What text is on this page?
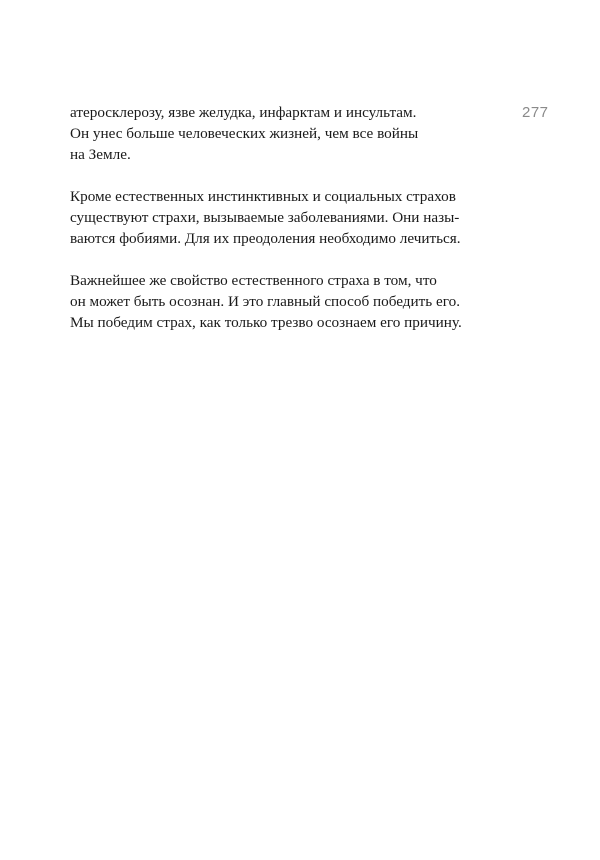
277

атеросклерозу, язве желудка, инфарктам и инсультам.
Он унес больше человеческих жизней, чем все войны
на Земле.

Кроме естественных инстинктивных и социальных страхов
существуют страхи, вызываемые заболеваниями. Они назы-
ваются фобиями. Для их преодоления необходимо лечиться.

Важнейшее же свойство естественного страха в том, что
он может быть осознан. И это главный способ победить его.
Мы победим страх, как только трезво осознаем его причину.
